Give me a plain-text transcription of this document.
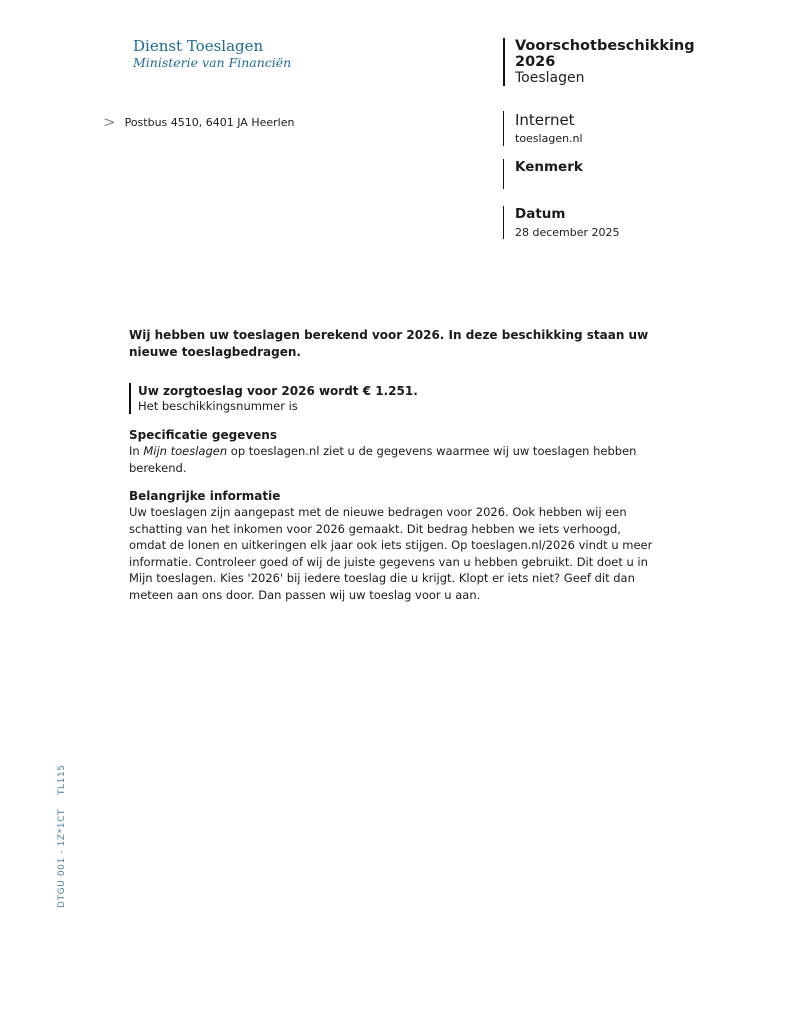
Dienst Toeslagen
Ministerie van Financiën
> Postbus 4510, 6401 JA Heerlen
Voorschotbeschikking
2026
Toeslagen
Internet
toeslagen.nl
Kenmerk
Datum
28 december 2025

Wij hebben uw toeslagen berekend voor 2026. In deze beschikking staan uw nieuwe toeslagbedragen.

Uw zorgtoeslag voor 2026 wordt € 1.251.
Het beschikkingsnummer is
Specificatie gegevens

In Mijn toeslagen op toeslagen.nl ziet u de gegevens waarmee wij uw toeslagen hebben berekend.

Belangrijke informatie

Uw toeslagen zijn aangepast met de nieuwe bedragen voor 2026. Ook hebben wij een schatting van het inkomen voor 2026 gemaakt. Dit bedrag hebben we iets verhoogd, omdat de lonen en uitkeringen elk jaar ook iets stijgen. Op toeslagen.nl/2026 vindt u meer informatie. Controleer goed of wij de juiste gegevens van u hebben gebruikt. Dit doet u in Mijn toeslagen. Kies '2026' bij iedere toeslag die u krijgt. Klopt er iets niet? Geef dit dan meteen aan ons door. Dan passen wij uw toeslag voor u aan.

DTGU 001 - 1Z*1CT    TL115
